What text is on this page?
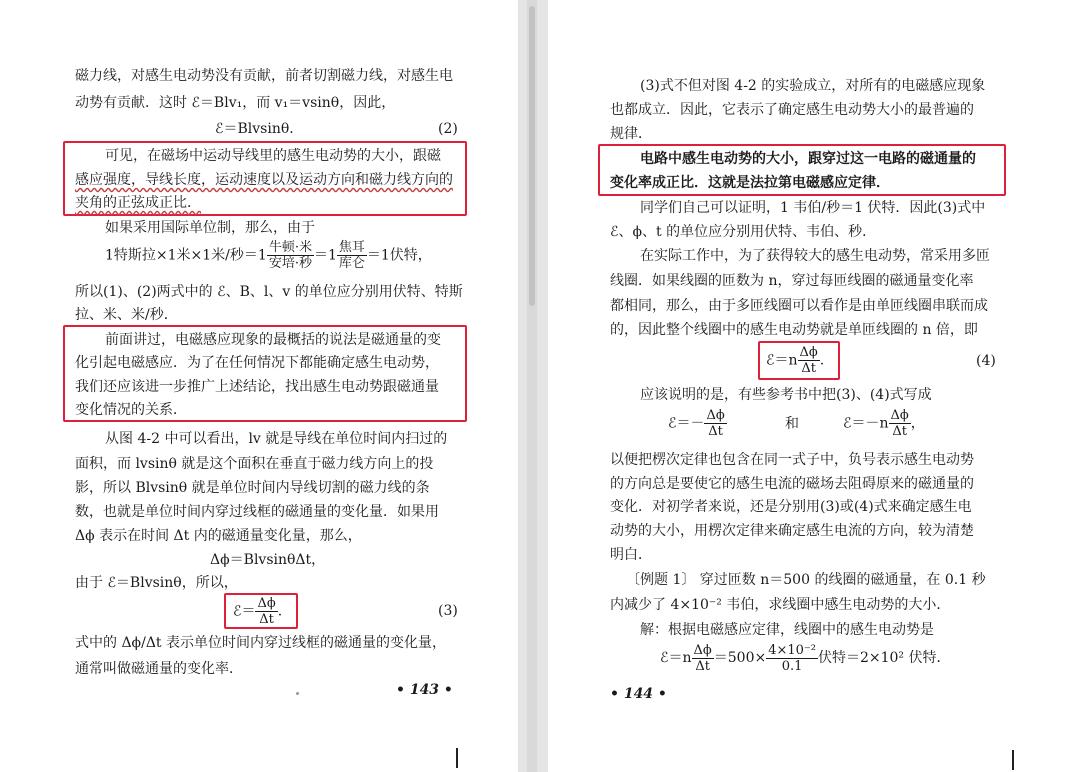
磁力线，对感生电动势没有贡献，前者切割磁力线，对感生电
动势有贡献．这时 ℰ＝Blv₁，而 v₁＝vsinθ，因此，
ℰ＝Blvsinθ.	(2)
可见，在磁场中运动导线里的感生电动势的大小，跟磁
感应强度，导线长度，运动速度以及运动方向和磁力线方向的
夹角的正弦成正比．
如果采用国际单位制，那么，由于
1特斯拉×1米×1米/秒$=1 \frac{\text{牛顿·米}}{\text{安培·秒}} =1 \frac{\text{焦耳}}{\text{库仑}} =1$伏特，
所以(1)、(2)两式中的 ℰ、B、l、v 的单位应分别用伏特、特斯
拉、米、米/秒．
前面讲过，电磁感应现象的最概括的说法是磁通量的变
化引起电磁感应．为了在任何情况下都能确定感生电动势，
我们还应该进一步推广上述结论，找出感生电动势跟磁通量
变化情况的关系．
从图 4-2 中可以看出，lv 就是导线在单位时间内扫过的
面积，而 lvsinθ 就是这个面积在垂直于磁力线方向上的投
影，所以 Blvsinθ 就是单位时间内导线切割的磁力线的条
数，也就是单位时间内穿过线框的磁通量的变化量．如果用
Δϕ 表示在时间 Δt 内的磁通量变化量，那么，
Δϕ＝BlvsinθΔt，
由于 ℰ＝Blvsinθ，所以，
ℰ＝ $\frac{\Delta\phi}{\Delta t}$ .	(3)
式中的 Δϕ/Δt 表示单位时间内穿过线框的磁通量的变化量，
通常叫做磁通量的变化率．
• 143 •
(3)式不但对图 4-2 的实验成立，对所有的电磁感应现象
也都成立．因此，它表示了确定感生电动势大小的最普遍的
规律．
电路中感生电动势的大小，跟穿过这一电路的磁通量的
变化率成正比．这就是法拉第电磁感应定律．
同学们自己可以证明，1 韦伯/秒＝1 伏特．因此(3)式中
ℰ、ϕ、t 的单位应分别用伏特、韦伯、秒．
在实际工作中，为了获得较大的感生电动势，常采用多匝
线圈．如果线圈的匝数为 n，穿过每匝线圈的磁通量变化率
都相同，那么，由于多匝线圈可以看作是由单匝线圈串联而成
的，因此整个线圈中的感生电动势就是单匝线圈的 n 倍，即
ℰ＝n $\frac{\Delta\phi}{\Delta t}$ .	(4)
应该说明的是，有些参考书中把(3)、(4)式写成
ℰ＝－ $\frac{\Delta\phi}{\Delta t}$	和	ℰ＝－n $\frac{\Delta\phi}{\Delta t}$ ，
以便把楞次定律也包含在同一式子中，负号表示感生电动势
的方向总是要使它的感生电流的磁场去阻碍原来的磁通量的
变化．对初学者来说，还是分别用(3)或(4)式来确定感生电
动势的大小，用楞次定律来确定感生电流的方向，较为清楚
明白．
〔例题 1〕 穿过匝数 n＝500 的线圈的磁通量，在 0.1 秒
内减少了 4×10⁻² 韦伯，求线圈中感生电动势的大小．
解：根据电磁感应定律，线圈中的感生电动势是
ℰ＝n $\frac{\Delta\phi}{\Delta t} =500\times \frac{\text{4×10⁻²}}{0.1}$ 伏特＝2×10² 伏特．
• 144 •
